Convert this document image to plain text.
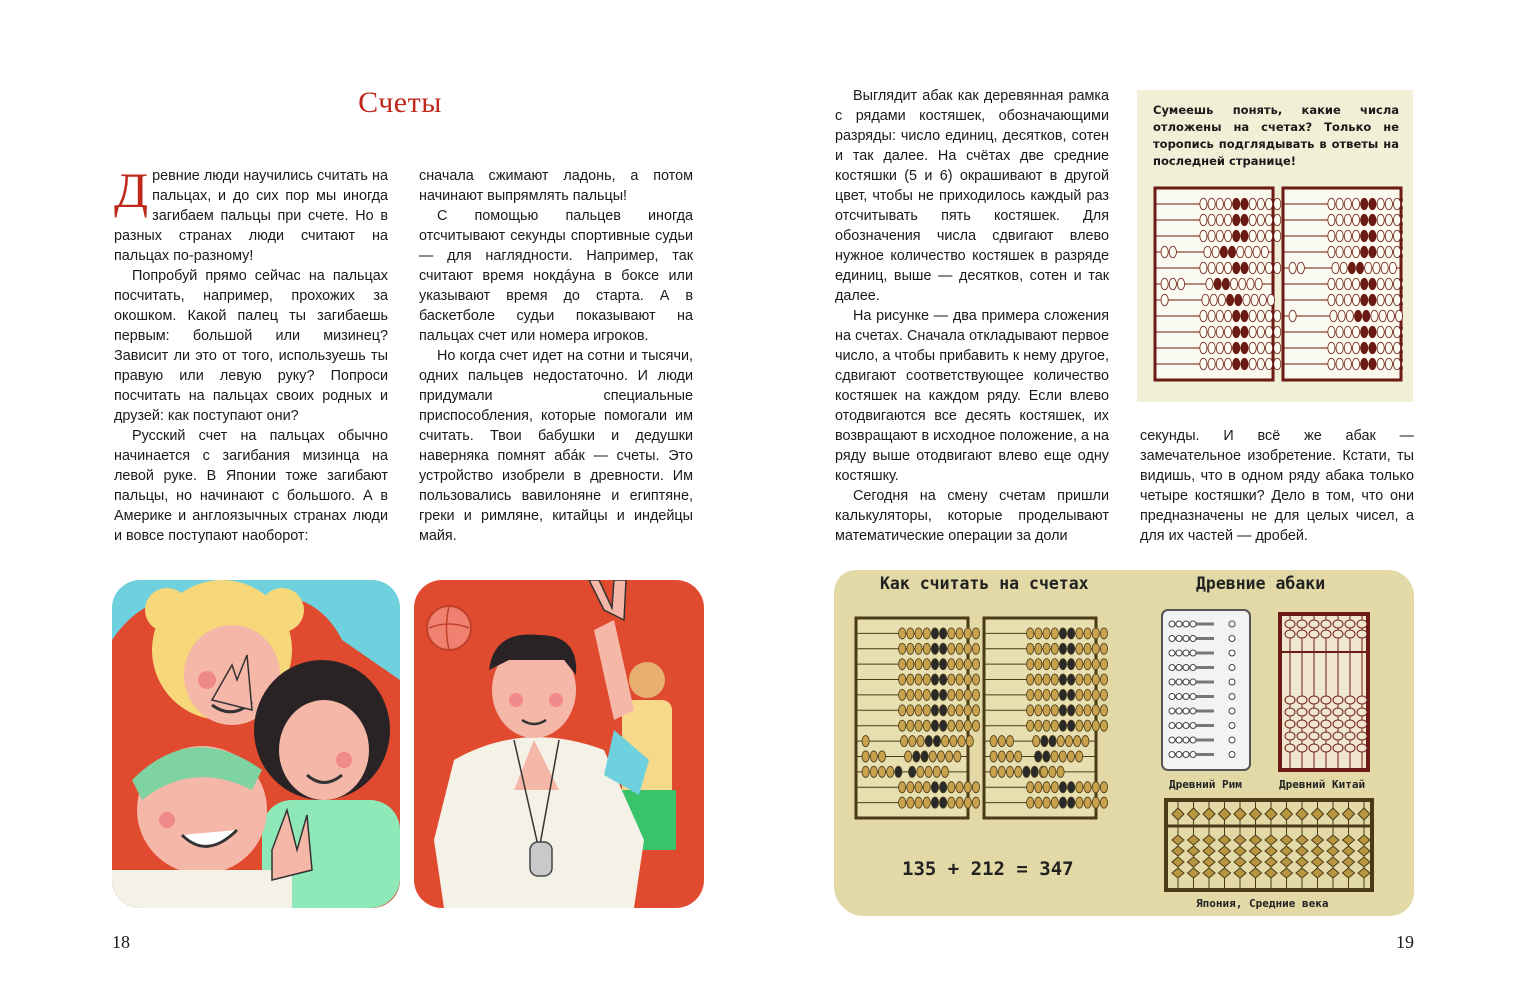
Счеты

Древние люди научились считать на пальцах, и до сих пор мы иногда загибаем пальцы при счете. Но в разных странах люди считают на пальцах по-разному!

Попробуй прямо сейчас на пальцах посчитать, например, прохожих за окошком. Какой палец ты загибаешь первым: большой или мизинец? Зависит ли это от того, используешь ты правую или левую руку? Попроси посчитать на пальцах своих родных и друзей: как поступают они?

Русский счет на пальцах обычно начинается с загибания мизинца на левой руке. В Японии тоже загибают пальцы, но начинают с большого. А в Америке и англоязычных странах люди и вовсе поступают наоборот:

сначала сжимают ладонь, а потом начинают выпрямлять пальцы!

С помощью пальцев иногда отсчитывают секунды спортивные судьи — для наглядности. Например, так считают время нокдáуна в боксе или указывают время до старта. А в баскетболе судьи показывают на пальцах счет или номера игроков.

Но когда счет идет на сотни и тысячи, одних пальцев недостаточно. И люди придумали специальные приспособления, которые помогали им считать. Твои бабушки и дедушки наверняка помнят абáк — счеты. Это устройство изобрели в древности. Им пользовались вавилоняне и египтяне, греки и римляне, китайцы и индейцы майя.

18

Выглядит абак как деревянная рамка с рядами костяшек, обозначающими разряды: число единиц, десятков, сотен и так далее. На счётах две средние костяшки (5 и 6) окрашивают в другой цвет, чтобы не приходилось каждый раз отсчитывать пять костяшек. Для обозначения числа сдвигают влево нужное количество костяшек в разряде единиц, выше — десятков, сотен и так далее.

На рисунке — два примера сложения на счетах. Сначала откладывают первое число, а чтобы прибавить к нему другое, сдвигают соответствующее количество костяшек на каждом ряду. Если влево отодвигаются все десять костяшек, их возвращают в исходное положение, а на ряду выше отодвигают влево еще одну костяшку.

Сегодня на смену счетам пришли калькуляторы, которые проделывают математические операции за доли

секунды. И всё же абак — замечательное изобретение. Кстати, ты видишь, что в одном ряду абака только четыре костяшки? Дело в том, что они предназначены не для целых чисел, а для их частей — дробей.

Сумеешь понять, какие числа отложены на счетах? Только не торопись подглядывать в ответы на последней странице!
Как считать на счетах	Древние абаки
135 + 212 = 347
Древний Рим	Древний Китай
Япония, Средние века
19
